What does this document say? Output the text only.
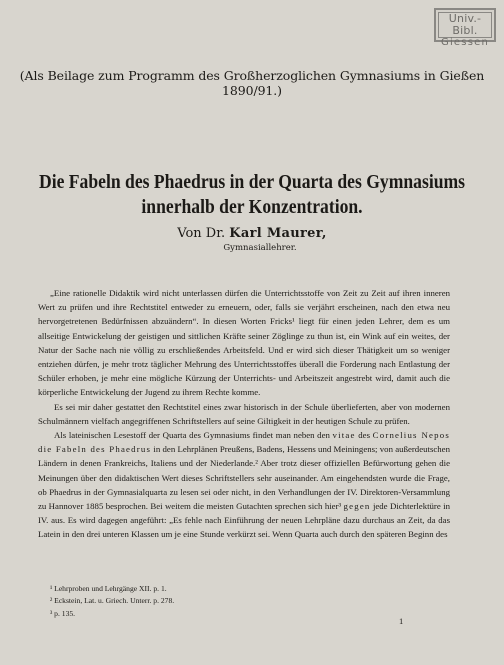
Univ.-Bibl.
Giessen
(Als Beilage zum Programm des Großherzoglichen Gymnasiums in Gießen 1890/91.)
Die Fabeln des Phaedrus in der Quarta des Gymnasiums
innerhalb der Konzentration.
Von Dr. Karl Maurer,
Gymnasiallehrer.

„Eine rationelle Didaktik wird nicht unterlassen dürfen die Unterrichtsstoffe von Zeit zu Zeit auf ihren inneren Wert zu prüfen und ihre Rechtstitel entweder zu erneuern, oder, falls sie verjährt erscheinen, nach den etwa neu hervorgetretenen Bedürfnissen abzuändern“. In diesen Worten Fricks¹ liegt für einen jeden Lehrer, dem es um allseitige Entwickelung der geistigen und sittlichen Kräfte seiner Zöglinge zu thun ist, ein Wink auf ein weites, der Natur der Sache nach nie völlig zu erschließendes Arbeitsfeld. Und er wird sich dieser Thätigkeit um so weniger entziehen dürfen, je mehr trotz täglicher Mehrung des Unterrichtsstoffes überall die Forderung nach Entlastung der Schüler erhoben, je mehr eine mögliche Kürzung der Unterrichts- und Arbeitszeit angestrebt wird, damit auch die körperliche Entwickelung der Jugend zu ihrem Rechte komme.

Es sei mir daher gestattet den Rechtstitel eines zwar historisch in der Schule überlieferten, aber von modernen Schulmännern vielfach angegriffenen Schriftstellers auf seine Giltigkeit in der heutigen Schule zu prüfen.

Als lateinischen Lesestoff der Quarta des Gymnasiums findet man neben den vitae des Cornelius Nepos die Fabeln des Phaedrus in den Lehrplänen Preußens, Badens, Hessens und Meiningens; von außerdeutschen Ländern in denen Frankreichs, Italiens und der Niederlande.² Aber trotz dieser offiziellen Befürwortung gehen die Meinungen über den didaktischen Wert dieses Schriftstellers sehr auseinander. Am eingehendsten wurde die Frage, ob Phaedrus in der Gymnasialquarta zu lesen sei oder nicht, in den Verhandlungen der IV. Direktoren-Versammlung zu Hannover 1885 besprochen. Bei weitem die meisten Gutachten sprechen sich hier³ gegen jede Dichterlektüre in IV. aus. Es wird dagegen angeführt: „Es fehle nach Einführung der neuen Lehrpläne dazu durchaus an Zeit, da das Latein in den drei unteren Klassen um je eine Stunde verkürzt sei. Wenn Quarta auch durch den späteren Beginn des

¹ Lehrproben und Lehrgänge XII. p. 1.
² Eckstein, Lat. u. Griech. Unterr. p. 278.
³ p. 135.
1
